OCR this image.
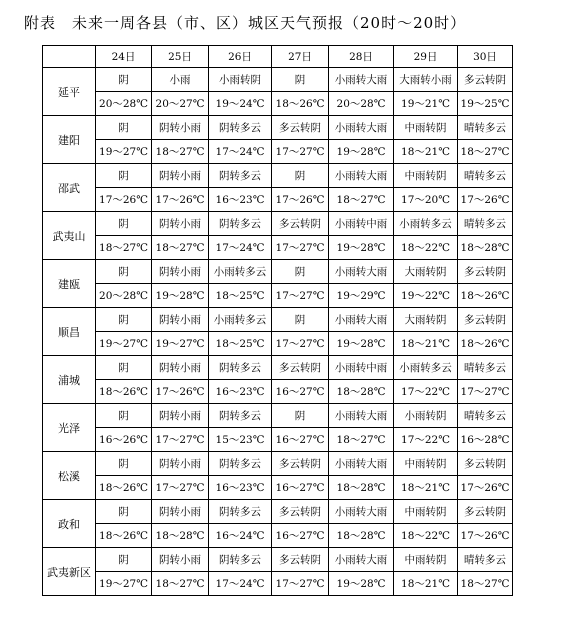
附表　未来一周各县（市、区）城区天气预报（20时～20时）
	24日	25日	26日	27日	28日	29日	30日
延平	阴	小雨	小雨转阴	阴	小雨转大雨	大雨转小雨	多云转阴
	20～28℃	20～27℃	19～24℃	18～26℃	20～28℃	19～21℃	19～25℃
建阳	阴	阴转小雨	阴转多云	多云转阴	小雨转大雨	中雨转阴	晴转多云
	19～27℃	18～27℃	17～24℃	17～27℃	19～28℃	18～21℃	18～27℃
邵武	阴	阴转小雨	阴转多云	阴	小雨转大雨	中雨转阴	晴转多云
	17～26℃	17～26℃	16～23℃	17～26℃	18～27℃	17～20℃	17～26℃
武夷山	阴	阴转小雨	阴转多云	多云转阴	小雨转中雨	小雨转多云	晴转多云
	18～27℃	18～27℃	17～24℃	17～27℃	19～28℃	18～22℃	18～28℃
建瓯	阴	阴转小雨	小雨转多云	阴	小雨转大雨	大雨转阴	多云转阴
	20～28℃	19～28℃	18～25℃	17～27℃	19～29℃	19～22℃	18～26℃
顺昌	阴	阴转小雨	小雨转多云	阴	小雨转大雨	大雨转阴	多云转阴
	19～27℃	19～27℃	18～25℃	17～27℃	19～28℃	18～21℃	18～26℃
浦城	阴	阴转小雨	阴转多云	多云转阴	小雨转中雨	小雨转多云	晴转多云
	18～26℃	17～26℃	16～23℃	16～27℃	18～28℃	17～22℃	17～27℃
光泽	阴	阴转小雨	阴转多云	阴	小雨转大雨	小雨转阴	晴转多云
	16～26℃	17～27℃	15～23℃	16～27℃	18～27℃	17～22℃	16～28℃
松溪	阴	阴转小雨	阴转多云	多云转阴	小雨转大雨	中雨转阴	多云转阴
	18～26℃	17～27℃	16～23℃	16～27℃	18～28℃	18～21℃	17～26℃
政和	阴	阴转小雨	阴转多云	多云转阴	小雨转大雨	中雨转阴	多云转阴
	18～26℃	18～28℃	16～24℃	16～27℃	18～28℃	18～22℃	17～26℃
武夷新区	阴	阴转小雨	阴转多云	多云转阴	小雨转大雨	中雨转阴	晴转多云
	19～27℃	18～27℃	17～24℃	17～27℃	19～28℃	18～21℃	18～27℃
